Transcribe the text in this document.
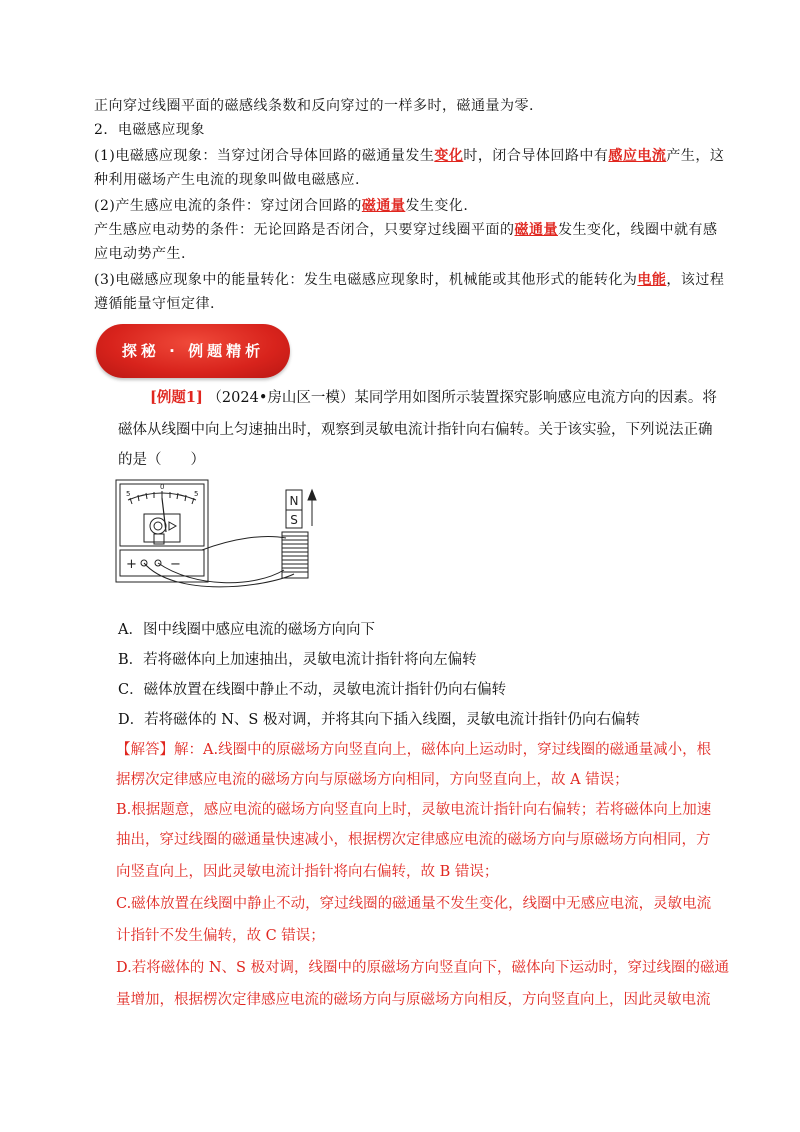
正向穿过线圈平面的磁感线条数和反向穿过的一样多时，磁通量为零.
2．电磁感应现象
(1)电磁感应现象：当穿过闭合导体回路的磁通量发生变化时，闭合导体回路中有感应电流产生，这
种利用磁场产生电流的现象叫做电磁感应.
(2)产生感应电流的条件：穿过闭合回路的磁通量发生变化.
产生感应电动势的条件：无论回路是否闭合，只要穿过线圈平面的磁通量发生变化，线圈中就有感
应电动势产生.
(3)电磁感应现象中的能量转化：发生电磁感应现象时，机械能或其他形式的能转化为电能，该过程
遵循能量守恒定律.
探秘 · 例题精析
[例题1] （2024•房山区一模）某同学用如图所示装置探究影响感应电流方向的因素。将
磁体从线圈中向上匀速抽出时，观察到灵敏电流计指针向右偏转。关于该实验，下列说法正确
的是（　　）
N
S
5
0
5
+	−
A．图中线圈中感应电流的磁场方向向下
B．若将磁体向上加速抽出，灵敏电流计指针将向左偏转
C．磁体放置在线圈中静止不动，灵敏电流计指针仍向右偏转
D．若将磁体的 N、S 极对调，并将其向下插入线圈，灵敏电流计指针仍向右偏转
【解答】解：A.线圈中的原磁场方向竖直向上，磁体向上运动时，穿过线圈的磁通量减小，根
据楞次定律感应电流的磁场方向与原磁场方向相同，方向竖直向上，故 A 错误；
B.根据题意，感应电流的磁场方向竖直向上时，灵敏电流计指针向右偏转；若将磁体向上加速
抽出，穿过线圈的磁通量快速减小，根据楞次定律感应电流的磁场方向与原磁场方向相同，方
向竖直向上，因此灵敏电流计指针将向右偏转，故 B 错误；
C.磁体放置在线圈中静止不动，穿过线圈的磁通量不发生变化，线圈中无感应电流，灵敏电流
计指针不发生偏转，故 C 错误；
D.若将磁体的 N、S 极对调，线圈中的原磁场方向竖直向下，磁体向下运动时，穿过线圈的磁通
量增加，根据楞次定律感应电流的磁场方向与原磁场方向相反，方向竖直向上，因此灵敏电流
